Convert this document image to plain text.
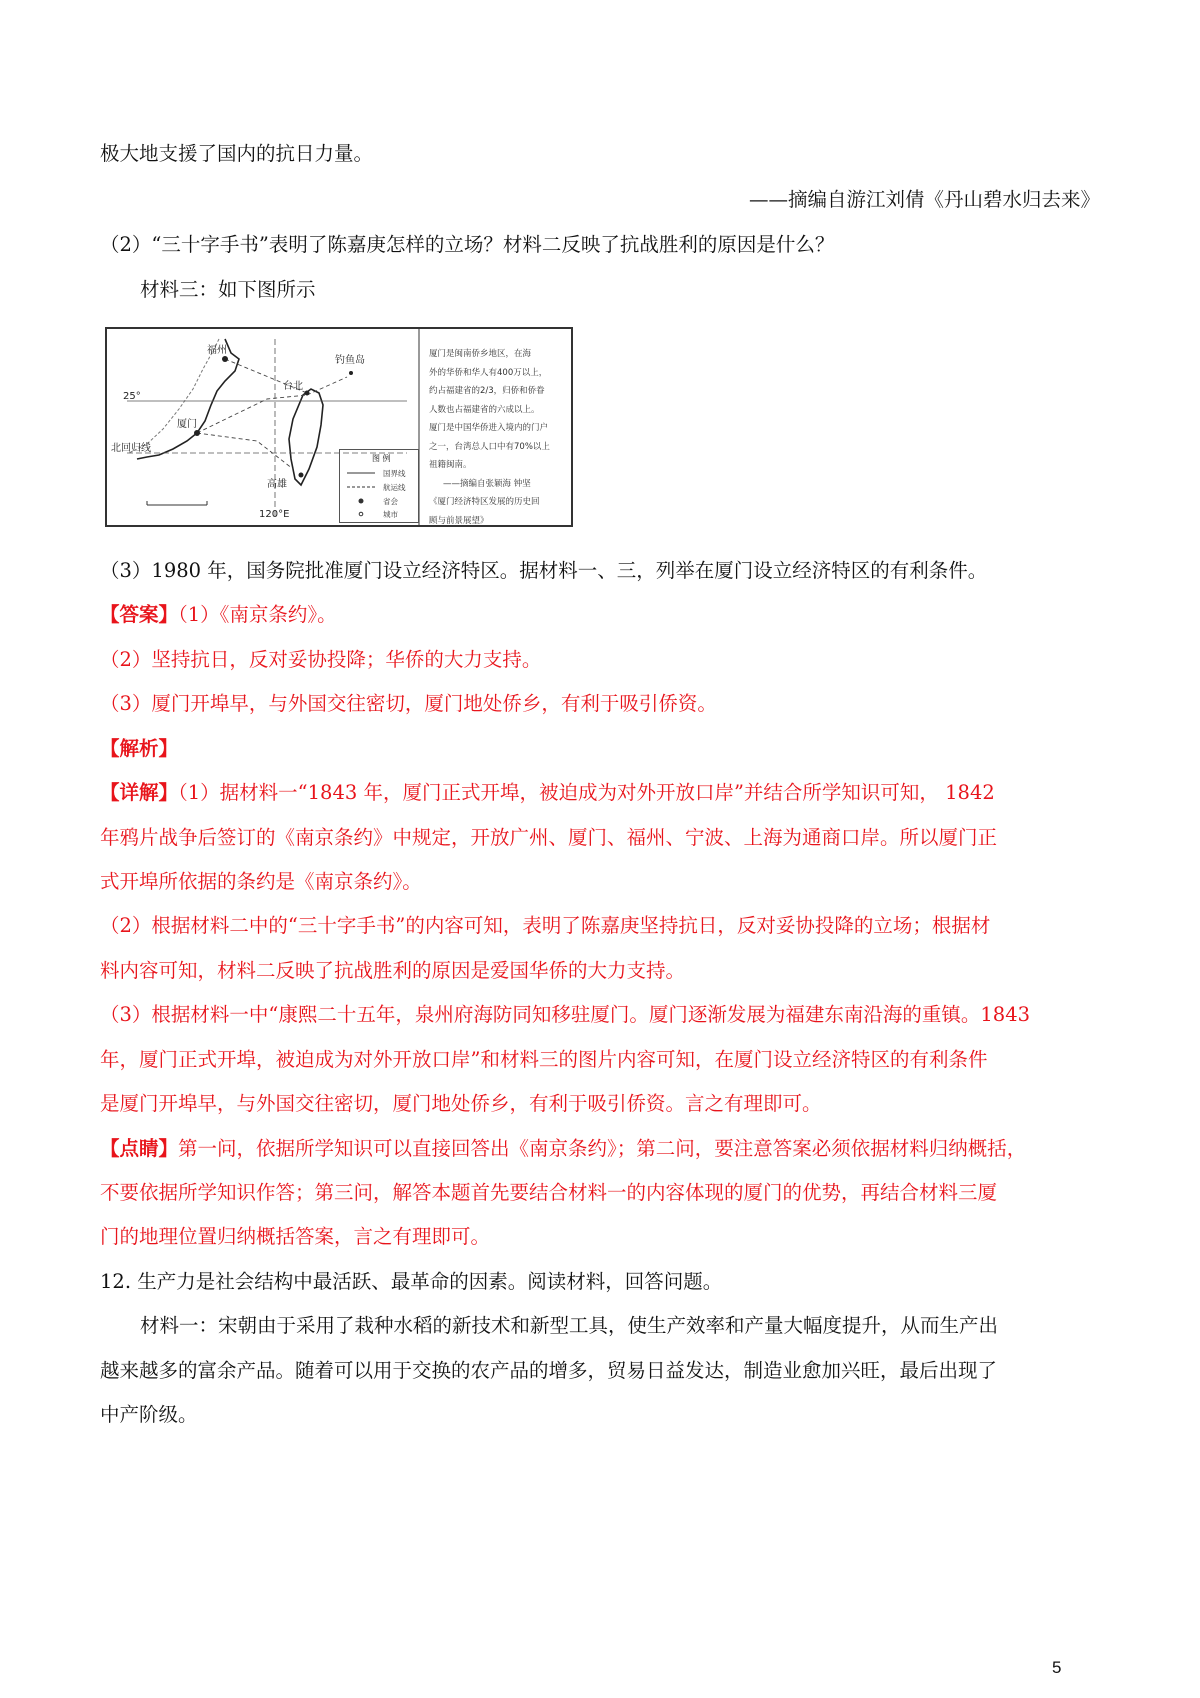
极大地支援了国内的抗日力量。
——摘编自游江刘倩《丹山碧水归去来》
（2）“三十字手书”表明了陈嘉庚怎样的立场？材料二反映了抗战胜利的原因是什么？
材料三：如下图所示
福州
钓鱼岛
台北
厦门
高雄
25°
北回归线
120°E
图 例
国界线
航运线
省会
城市
厦门是闽南侨乡地区，在海
外的华侨和华人有400万以上，
约占福建省的2/3，归侨和侨眷
人数也占福建省的六成以上。
厦门是中国华侨进入境内的门户
之一，台湾总人口中有70%以上
祖籍闽南。
——摘编自张颖海 钟坚
《厦门经济特区发展的历史回
顾与前景展望》
（3）1980 年，国务院批准厦门设立经济特区。据材料一、三，列举在厦门设立经济特区的有利条件。
【答案】（1）《南京条约》。
（2）坚持抗日，反对妥协投降；华侨的大力支持。
（3）厦门开埠早，与外国交往密切，厦门地处侨乡，有利于吸引侨资。
【解析】
【详解】（1）据材料一“1843 年，厦门正式开埠，被迫成为对外开放口岸”并结合所学知识可知， 1842
年鸦片战争后签订的《南京条约》中规定，开放广州、厦门、福州、宁波、上海为通商口岸。所以厦门正
式开埠所依据的条约是《南京条约》。
（2）根据材料二中的“三十字手书”的内容可知，表明了陈嘉庚坚持抗日，反对妥协投降的立场；根据材
料内容可知，材料二反映了抗战胜利的原因是爱国华侨的大力支持。
（3）根据材料一中“康熙二十五年，泉州府海防同知移驻厦门。厦门逐渐发展为福建东南沿海的重镇。1843
年，厦门正式开埠，被迫成为对外开放口岸”和材料三的图片内容可知，在厦门设立经济特区的有利条件
是厦门开埠早，与外国交往密切，厦门地处侨乡，有利于吸引侨资。言之有理即可。
【点睛】第一问，依据所学知识可以直接回答出《南京条约》；第二问，要注意答案必须依据材料归纳概括，
不要依据所学知识作答；第三问，解答本题首先要结合材料一的内容体现的厦门的优势，再结合材料三厦
门的地理位置归纳概括答案，言之有理即可。
12. 生产力是社会结构中最活跃、最革命的因素。阅读材料，回答问题。
材料一：宋朝由于采用了栽种水稻的新技术和新型工具，使生产效率和产量大幅度提升，从而生产出
越来越多的富余产品。随着可以用于交换的农产品的增多，贸易日益发达，制造业愈加兴旺，最后出现了
中产阶级。
5
